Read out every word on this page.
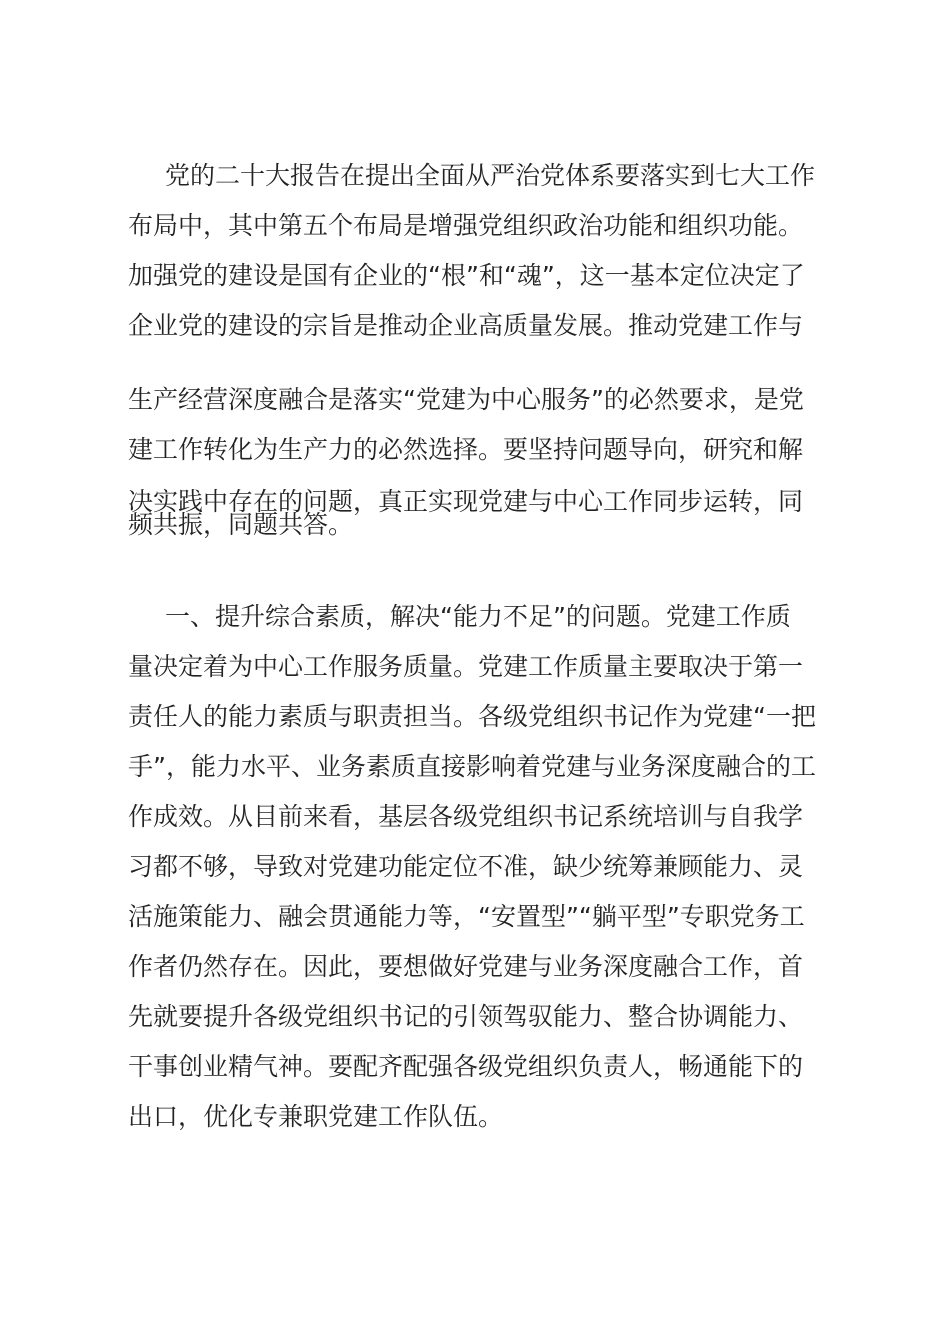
党的二十大报告在提出全面从严治党体系要落实到七大工作
布局中，其中第五个布局是增强党组织政治功能和组织功能。
加强党的建设是国有企业的“根”和“魂”，这一基本定位决定了
企业党的建设的宗旨是推动企业高质量发展。推动党建工作与
生产经营深度融合是落实“党建为中心服务”的必然要求，是党
建工作转化为生产力的必然选择。要坚持问题导向，研究和解
决实践中存在的问题，真正实现党建与中心工作同步运转，同
频共振，同题共答。
一、提升综合素质，解决“能力不足”的问题。党建工作质
量决定着为中心工作服务质量。党建工作质量主要取决于第一
责任人的能力素质与职责担当。各级党组织书记作为党建“一把
手”，能力水平、业务素质直接影响着党建与业务深度融合的工
作成效。从目前来看，基层各级党组织书记系统培训与自我学
习都不够，导致对党建功能定位不准，缺少统筹兼顾能力、灵
活施策能力、融会贯通能力等，“安置型”“躺平型”专职党务工
作者仍然存在。因此，要想做好党建与业务深度融合工作，首
先就要提升各级党组织书记的引领驾驭能力、整合协调能力、
干事创业精气神。要配齐配强各级党组织负责人，畅通能下的
出口，优化专兼职党建工作队伍。
